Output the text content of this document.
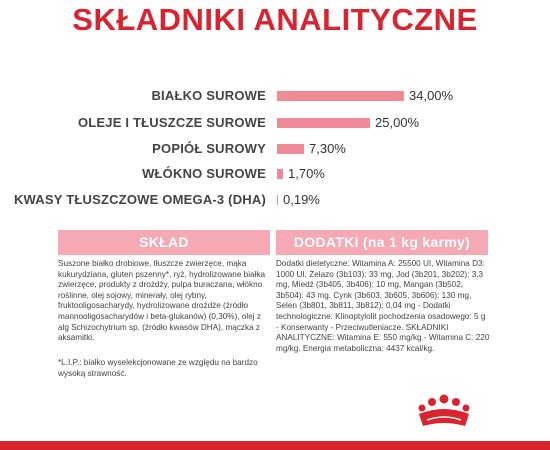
SKŁADNIKI ANALITYCZNE
BIAŁKO SUROWE	34,00%
OLEJE I TŁUSZCZE SUROWE	25,00%
POPIÓŁ SUROWY	7,30%
WŁÓKNO SUROWE 1,70%
KWASY TŁUSZCZOWE OMEGA-3 (DHA) 0,19%
SKŁAD	DODATKI (na 1 kg karmy)
Suszone białko drobiowe, tłuszcze zwierzęce, mąka kukurydziana, gluten pszenny*, ryż, hydrolizowane białka zwierzęce, produkty z drożdży, pulpa buraczana, włókno roślinne, olej sojowy, minerały, olej rybny, fruktooligosacharydy, hydrolizowane drożdże (źródło mannooligosacharydów i beta-glukanów) (0,30%), olej z alg Schizochytrium sp. (źródło kwasów DHA), mączka z aksamitki.
*L.I.P.: białko wyselekcjonowane ze względu na bardzo wysoką strawność.
Dodatki dietetyczne: Witamina A: 25500 UI, Witamina D3: 1000 UI, Żelazo (3b103): 33 mg, Jod (3b201, 3b202): 3,3 mg, Miedź (3b405, 3b406): 10 mg, Mangan (3b502, 3b504): 43 mg, Cynk (3b603, 3b605, 3b606): 130 mg, Selen (3b801, 3b811, 3b812): 0,04 mg - Dodatki technologiczne: Klinoptylolit pochodzenia osadowego: 5 g - Konserwanty - Przeciwutleniacze. SKŁADNIKI ANALITYCZNE: Witamina E: 550 mg/kg - Witamina C: 220 mg/kg. Energia metaboliczna: 4437 kcal/kg.
